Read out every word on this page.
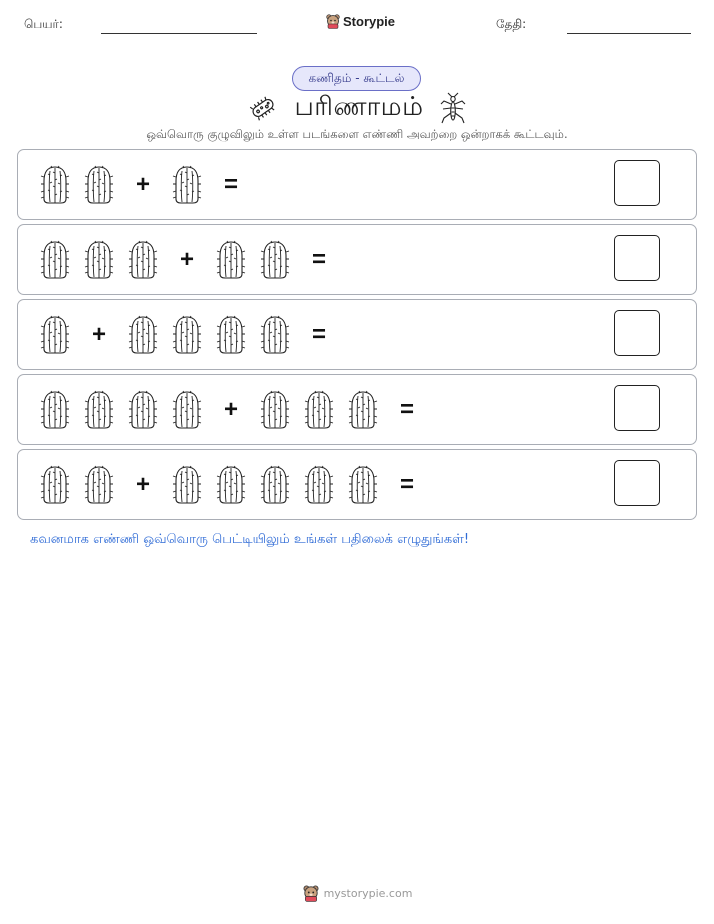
பெயர்:	Storypie	தேதி:
கணிதம் - கூட்டல்
பரிணாமம்
ஒவ்வொரு குழுவிலும் உள்ள படங்களை எண்ணி அவற்றை ஒன்றாகக் கூட்டவும்.
+	=
+	=
+	=
+	=
+	=
கவனமாக எண்ணி ஒவ்வொரு பெட்டியிலும் உங்கள் பதிலைக் எழுதுங்கள்!
mystorypie.com
